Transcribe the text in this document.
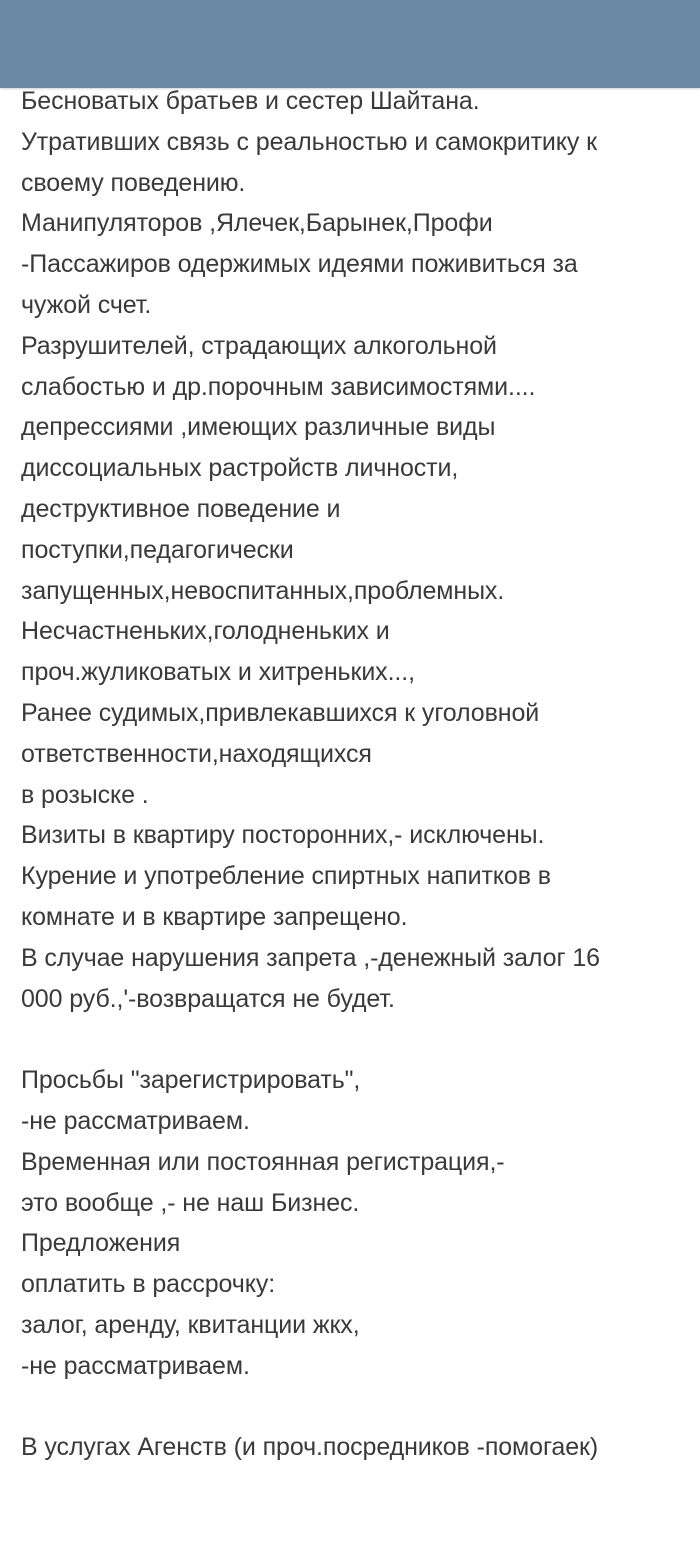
Бесноватых братьев и сестер Шайтана.
Утративших связь с реальностью и самокритику к
своему поведению.
Манипуляторов ,Ялечек,Барынек,Профи
-Пассажиров одержимых идеями поживиться за
чужой счет.
Разрушителей, страдающих алкогольной
слабостью и др.порочным зависимостями....
депрессиями ,имеющих различные виды
диссоциальных растройств личности,
деструктивное поведение и
поступки,педагогически
запущенных,невоспитанных,проблемных.
Несчастненьких,голодненьких и
проч.жуликоватых и хитреньких...,
Ранее судимых,привлекавшихся к уголовной
ответственности,находящихся
в розыске .
Визиты в квартиру посторонних,- исключены.
Курение и употребление спиртных напитков в
комнате и в квартире запрещено.
В случае нарушения запрета ,-денежный залог 16
000 руб.,'-возвращатся не будет.
Просьбы "зарегистрировать",
-не рассматриваем.
Временная или постоянная регистрация,-
это вообще ,- не наш Бизнес.
Предложения
оплатить в рассрочку:
залог, аренду, квитанции жкх,
-не рассматриваем.
В услугах Агенств (и проч.посредников -помогаек)
